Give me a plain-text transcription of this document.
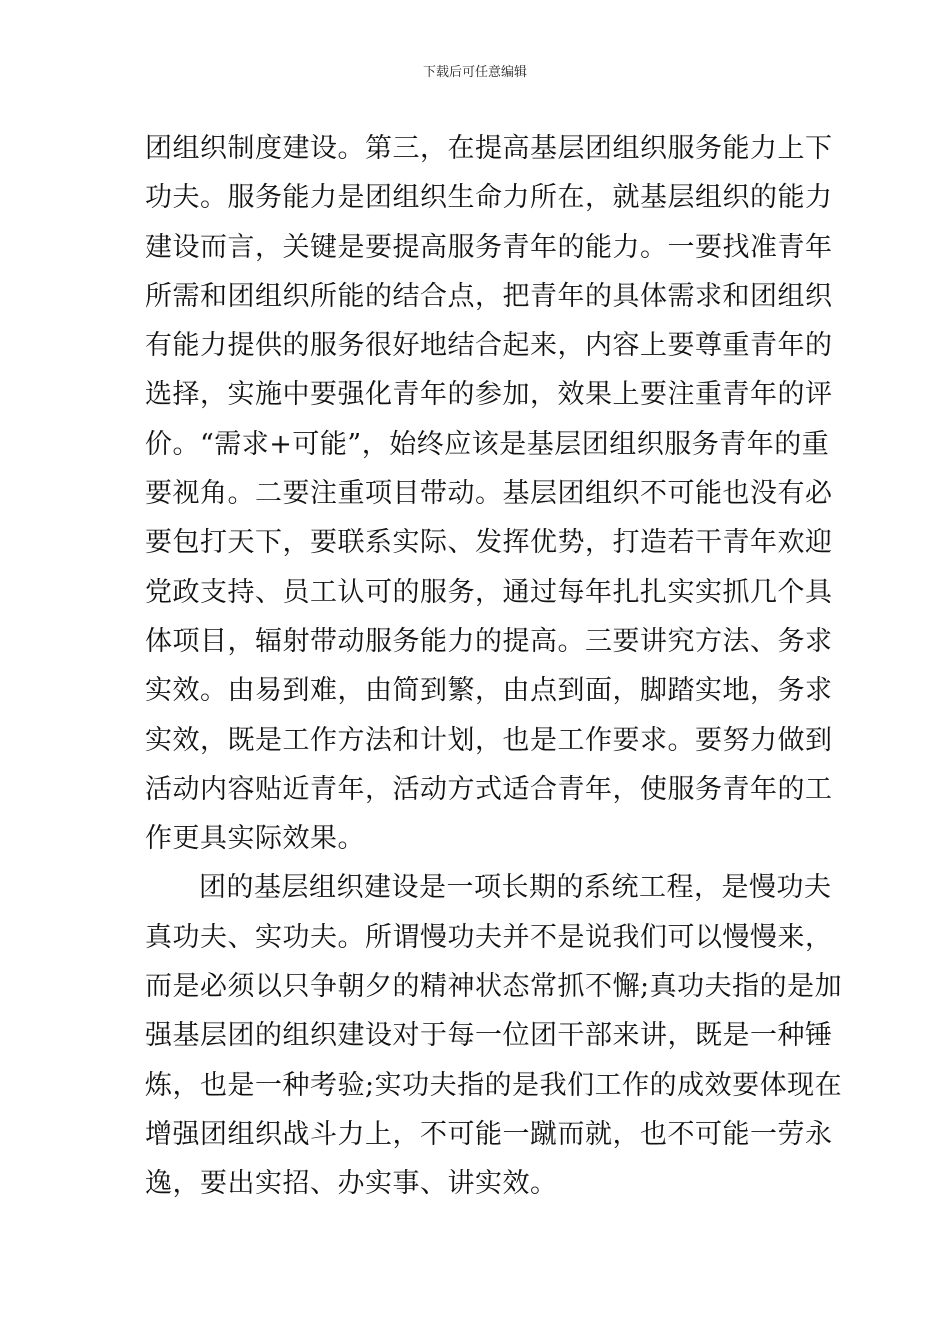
下载后可任意编辑
团组织制度建设。第三，在提高基层团组织服务能力上下
功夫。服务能力是团组织生命力所在，就基层组织的能力
建设而言，关键是要提高服务青年的能力。一要找准青年
所需和团组织所能的结合点，把青年的具体需求和团组织
有能力提供的服务很好地结合起来，内容上要尊重青年的
选择，实施中要强化青年的参加，效果上要注重青年的评
价。“需求+可能”，始终应该是基层团组织服务青年的重
要视角。二要注重项目带动。基层团组织不可能也没有必
要包打天下，要联系实际、发挥优势，打造若干青年欢迎
党政支持、员工认可的服务，通过每年扎扎实实抓几个具
体项目，辐射带动服务能力的提高。三要讲究方法、务求
实效。由易到难，由简到繁，由点到面，脚踏实地，务求
实效，既是工作方法和计划，也是工作要求。要努力做到
活动内容贴近青年，活动方式适合青年，使服务青年的工
作更具实际效果。
团的基层组织建设是一项长期的系统工程，是慢功夫
真功夫、实功夫。所谓慢功夫并不是说我们可以慢慢来，
而是必须以只争朝夕的精神状态常抓不懈;真功夫指的是加
强基层团的组织建设对于每一位团干部来讲，既是一种锤
炼，也是一种考验;实功夫指的是我们工作的成效要体现在
增强团组织战斗力上，不可能一蹴而就，也不可能一劳永
逸，要出实招、办实事、讲实效。
